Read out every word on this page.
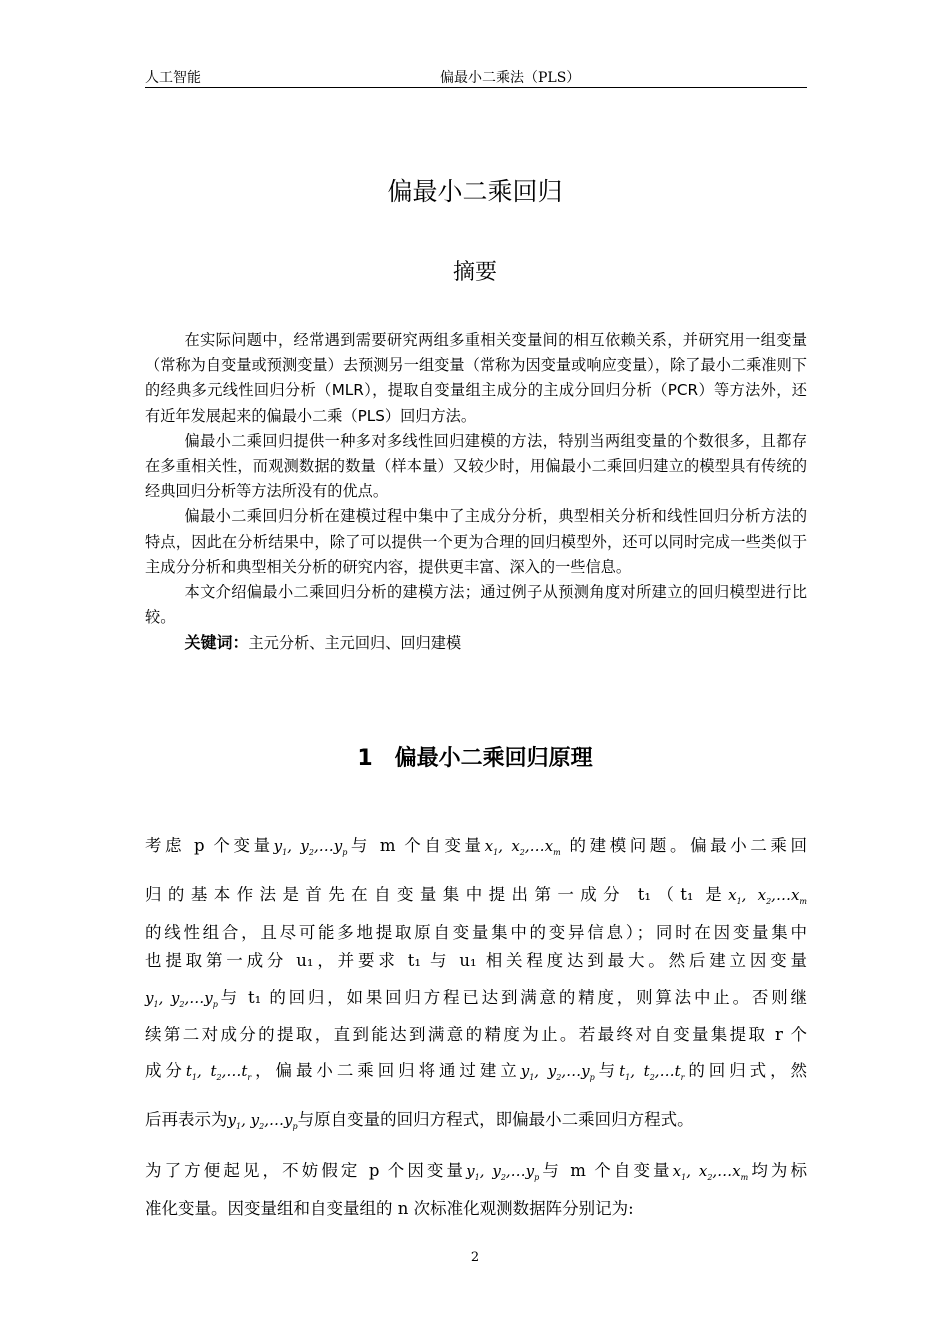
人工智能	偏最小二乘法（PLS）
偏最小二乘回归
摘要

在实际问题中，经常遇到需要研究两组多重相关变量间的相互依赖关系，并研究用一组变量（常称为自变量或预测变量）去预测另一组变量（常称为因变量或响应变量），除了最小二乘准则下的经典多元线性回归分析（MLR），提取自变量组主成分的主成分回归分析（PCR）等方法外，还有近年发展起来的偏最小二乘（PLS）回归方法。

偏最小二乘回归提供一种多对多线性回归建模的方法，特别当两组变量的个数很多，且都存在多重相关性，而观测数据的数量（样本量）又较少时，用偏最小二乘回归建立的模型具有传统的经典回归分析等方法所没有的优点。

偏最小二乘回归分析在建模过程中集中了主成分分析，典型相关分析和线性回归分析方法的特点，因此在分析结果中，除了可以提供一个更为合理的回归模型外，还可以同时完成一些类似于主成分分析和典型相关分析的研究内容，提供更丰富、深入的一些信息。

本文介绍偏最小二乘回归分析的建模方法；通过例子从预测角度对所建立的回归模型进行比较。

关键词：主元分析、主元回归、回归建模

1 偏最小二乘回归原理
考虑 p 个变量$y_1$, $y_2,\dots y_p$与 m 个自变量$x_1$, $x_2,\dots x_m$ 的建模问题。偏最小二乘回
归的基本作法是首先在自变量集中提出第一成分 t₁（t₁ 是$x_1$, $x_2,\dots x_m$
的线性组合，且尽可能多地提取原自变量集中的变异信息）；同时在因变量集中
也提取第一成分 u₁，并要求 t₁ 与 u₁ 相关程度达到最大。然后建立因变量
$y_1$, $y_2,\dots y_p$与 t₁ 的回归，如果回归方程已达到满意的精度，则算法中止。否则继
续第二对成分的提取，直到能达到满意的精度为止。若最终对自变量集提取 r 个
成分$t_1$, $t_2,\dots t_r$，偏最小二乘回归将通过建立$y_1$, $y_2,\dots y_p$与$t_1$, $t_2,\dots t_r$的回归式，然
后再表示为$y_1$, $y_2,\dots y_p$与原自变量的回归方程式，即偏最小二乘回归方程式。
为了方便起见，不妨假定 p 个因变量$y_1$, $y_2,\dots y_p$与 m 个自变量$x_1$, $x_2,\dots x_m$均为标
准化变量。因变量组和自变量组的 n 次标准化观测数据阵分别记为:
2
